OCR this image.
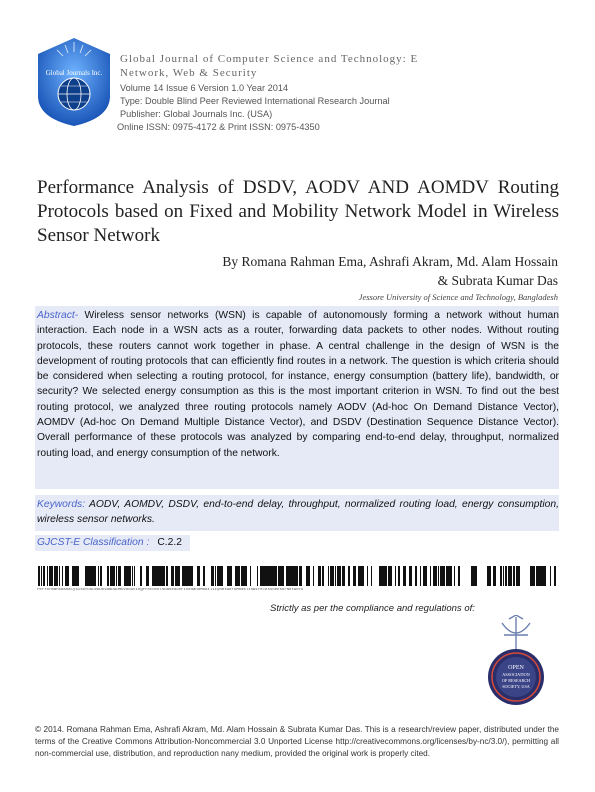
Global Journals Inc.
Global Journal of Computer Science and Technology: E
Network, Web & Security
Volume 14 Issue 6 Version 1.0 Year 2014
Type: Double Blind Peer Reviewed International Research Journal
Publisher: Global Journals Inc. (USA)
Online ISSN: 0975-4172 & Print ISSN: 0975-4350
Performance Analysis of DSDV, AODV AND AOMDV Routing Protocols based on Fixed and Mobility Network Model in Wireless Sensor Network
By Romana Rahman Ema, Ashrafi Akram, Md. Alam Hossain
& Subrata Kumar Das
Jessore University of Science and Technology, Bangladesh
Abstract- Wireless sensor networks (WSN) is capable of autonomously forming a network without human interaction. Each node in a WSN acts as a router, forwarding data packets to other nodes. Without routing protocols, these routers cannot work together in phase. A central challenge in the design of WSN is the development of routing protocols that can efficiently find routes in a network. The question is which criteria should be considered when selecting a routing protocol, for instance, energy consumption (battery life), bandwidth, or security? We selected energy consumption as this is the most important criterion in WSN. To find out the best routing protocol, we analyzed three routing protocols namely AODV (Ad-hoc On Demand Distance Vector), AOMDV (Ad-hoc On Demand Multiple Distance Vector), and DSDV (Destination Sequence Distance Vector). Overall performance of these protocols was analyzed by comparing end-to-end delay, throughput, normalized routing load, and energy consumption of the network.
Keywords: AODV, AOMDV, DSDV, end-to-end delay, throughput, normalized routing load, energy consumption, wireless sensor networks.
GJCST-E Classification : C.2.2
PerformanceAnalysisofDSDVAODVANDAOMDVRoutingProtocolsbasedonFixedandMobilityNetworkModelinWirelessSensorNetwork
Strictly as per the compliance and regulations of:
OPEN
ASSOCIATION
OF RESEARCH
SOCIETY, USA
© 2014. Romana Rahman Ema, Ashrafi Akram, Md. Alam Hossain & Subrata Kumar Das. This is a research/review paper, distributed under the terms of the Creative Commons Attribution-Noncommercial 3.0 Unported License http://creativecommons.org/licenses/by-nc/3.0/), permitting all non-commercial use, distribution, and reproduction nany medium, provided the original work is properly cited.
